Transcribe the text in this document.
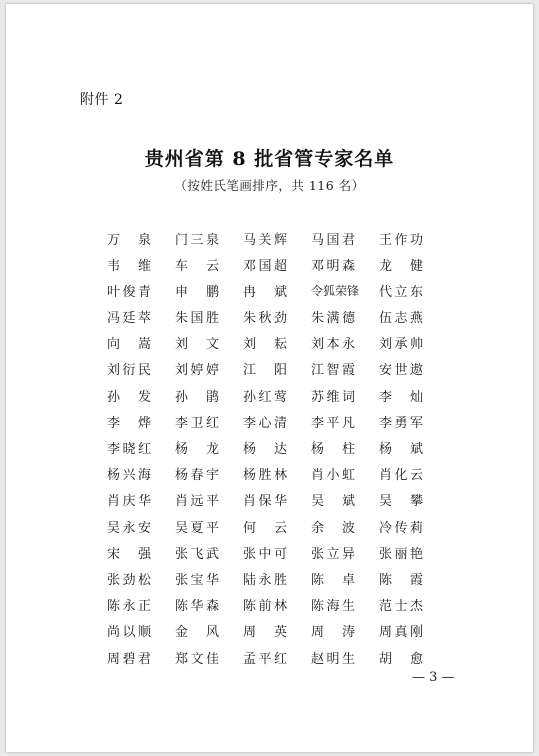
附件 2
贵州省第 8 批省管专家名单
（按姓氏笔画排序，共 116 名）
万 泉 门 三 泉 马 关 辉 马 国 君 王 作 功
韦 维 车 云 邓 国 超 邓 明 森 龙 健
叶 俊 青 申 鹏 冉 斌 令 狐 荣 锋 代 立 东
冯 廷 萃 朱 国 胜 朱 秋 劲 朱 满 德 伍 志 燕
向 嵩 刘 文 刘 耘 刘 本 永 刘 承 帅
刘 衍 民 刘 婷 婷 江 阳 江 智 霞 安 世 遨
孙 发 孙 鹃 孙 红 莺 苏 维 词 李 灿
李 烨 李 卫 红 李 心 清 李 平 凡 李 勇 军
李 晓 红 杨 龙 杨 达 杨 柱 杨 斌
杨 兴 海 杨 春 宇 杨 胜 林 肖 小 虹 肖 化 云
肖 庆 华 肖 远 平 肖 保 华 吴 斌 吴 攀
吴 永 安 吴 夏 平 何 云 余 波 冷 传 莉
宋 强 张 飞 武 张 中 可 张 立 异 张 丽 艳
张 劲 松 张 宝 华 陆 永 胜 陈 卓 陈 霞
陈 永 正 陈 华 森 陈 前 林 陈 海 生 范 士 杰
尚 以 顺 金 风 周 英 周 涛 周 真 刚
周 碧 君 郑 文 佳 孟 平 红 赵 明 生 胡 愈
— 3 —
